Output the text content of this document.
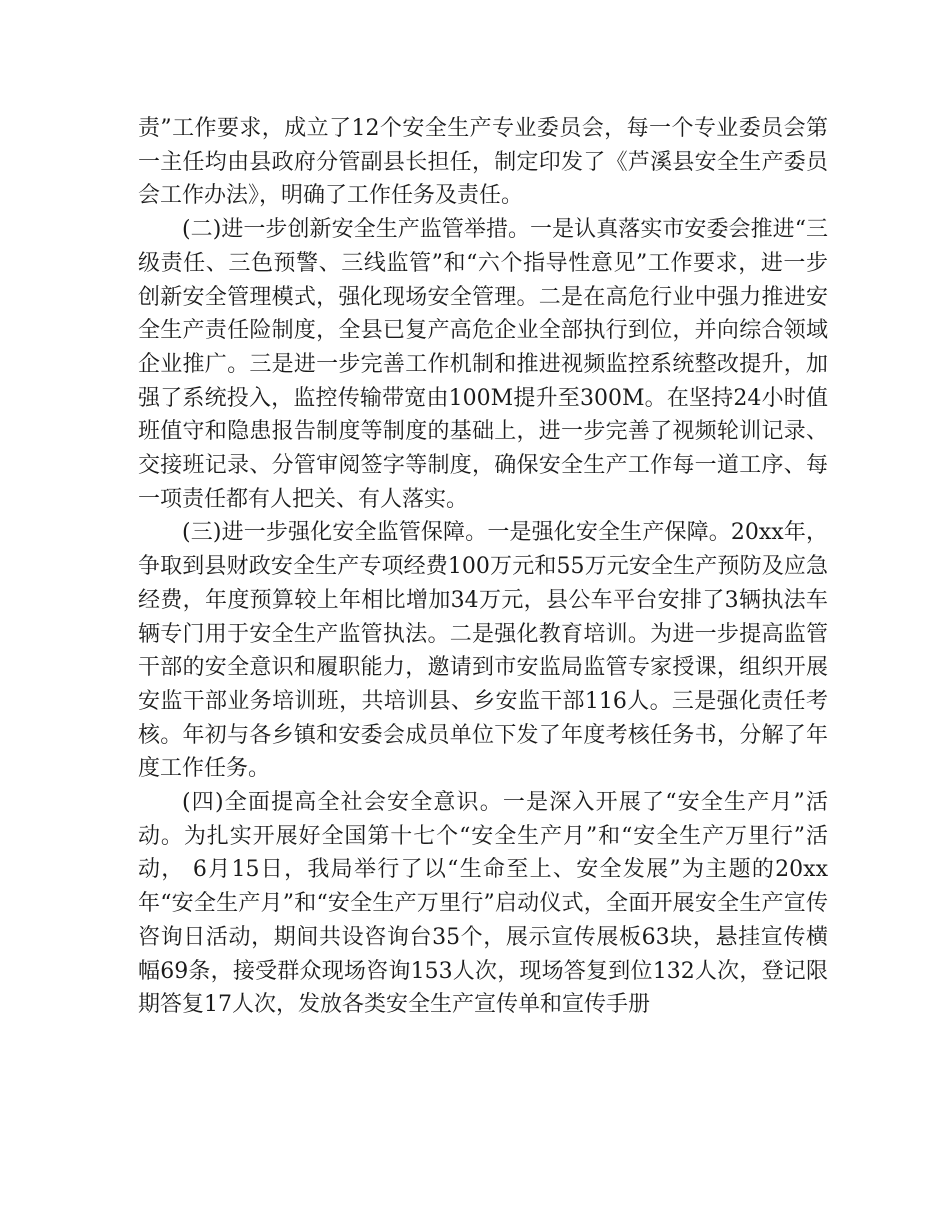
责”工作要求，成立了12个安全生产专业委员会，每一个专业委员会第一主任均由县政府分管副县长担任，制定印发了《芦溪县安全生产委员会工作办法》，明确了工作任务及责任。

(二)进一步创新安全生产监管举措。一是认真落实市安委会推进“三级责任、三色预警、三线监管”和“六个指导性意见”工作要求，进一步创新安全管理模式，强化现场安全管理。二是在高危行业中强力推进安全生产责任险制度，全县已复产高危企业全部执行到位，并向综合领域企业推广。三是进一步完善工作机制和推进视频监控系统整改提升，加强了系统投入，监控传输带宽由100M提升至300M。在坚持24小时值班值守和隐患报告制度等制度的基础上，进一步完善了视频轮训记录、交接班记录、分管审阅签字等制度，确保安全生产工作每一道工序、每一项责任都有人把关、有人落实。

(三)进一步强化安全监管保障。一是强化安全生产保障。20xx年，争取到县财政安全生产专项经费100万元和55万元安全生产预防及应急经费，年度预算较上年相比增加34万元，县公车平台安排了3辆执法车辆专门用于安全生产监管执法。二是强化教育培训。为进一步提高监管干部的安全意识和履职能力，邀请到市安监局监管专家授课，组织开展安监干部业务培训班，共培训县、乡安监干部116人。三是强化责任考核。年初与各乡镇和安委会成员单位下发了年度考核任务书，分解了年度工作任务。

(四)全面提高全社会安全意识。一是深入开展了“安全生产月”活动。为扎实开展好全国第十七个“安全生产月”和“安全生产万里行”活动， 6月15日，我局举行了以“生命至上、安全发展”为主题的20xx年“安全生产月”和“安全生产万里行”启动仪式，全面开展安全生产宣传咨询日活动，期间共设咨询台35个，展示宣传展板63块，悬挂宣传横幅69条，接受群众现场咨询153人次，现场答复到位132人次，登记限期答复17人次，发放各类安全生产宣传单和宣传手册
